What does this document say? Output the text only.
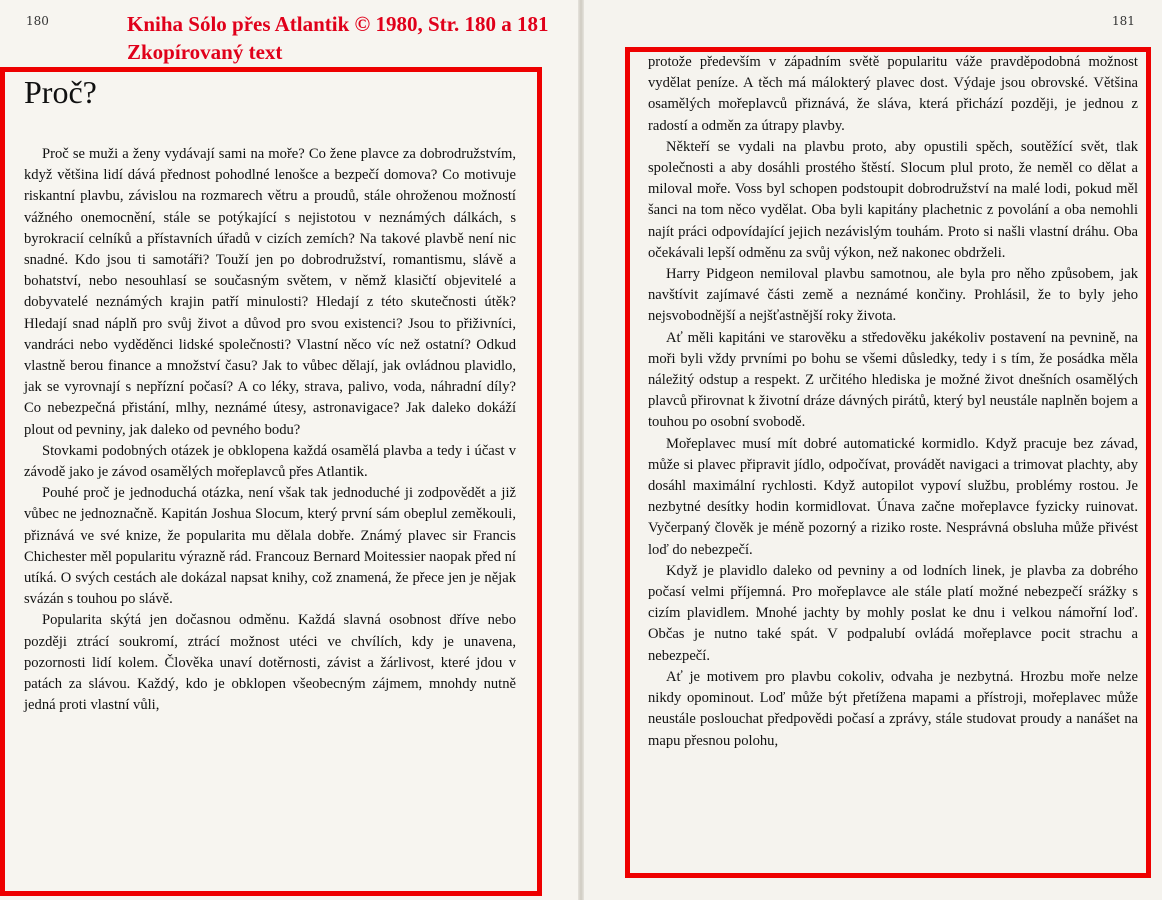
180	181
Kniha Sólo přes Atlantik © 1980, Str. 180 a 181
Zkopírovaný text
Proč?

Proč se muži a ženy vydávají sami na moře? Co žene plavce za dobrodružstvím, když většina lidí dává přednost pohodlné lenošce a bezpečí domova? Co motivuje riskantní plavbu, závislou na rozmarech větru a proudů, stále ohroženou možností vážného onemocnění, stále se potýkající s nejistotou v neznámých dálkách, s byrokracií celníků a přístavních úřadů v cizích zemích? Na takové plavbě není nic snadné. Kdo jsou ti samotáři? Touží jen po dobrodružství, romantismu, slávě a bohatství, nebo nesouhlasí se současným světem, v němž klasičtí objevitelé a dobyvatelé neznámých krajin patří minulosti? Hledají z této skutečnosti útěk? Hledají snad náplň pro svůj život a důvod pro svou existenci? Jsou to přiživníci, vandráci nebo vyděděnci lidské společnosti? Vlastní něco víc než ostatní? Odkud vlastně berou finance a množství času? Jak to vůbec dělají, jak ovládnou plavidlo, jak se vyrovnají s nepřízní počasí? A co léky, strava, palivo, voda, náhradní díly? Co nebezpečná přistání, mlhy, neznámé útesy, astronavigace? Jak daleko dokáží plout od pevniny, jak daleko od pevného bodu?

Stovkami podobných otázek je obklopena každá osamělá plavba a tedy i účast v závodě jako je závod osamělých mořeplavců přes Atlantik.

Pouhé proč je jednoduchá otázka, není však tak jednoduché ji zodpovědět a již vůbec ne jednoznačně. Kapitán Joshua Slocum, který první sám obeplul zeměkouli, přiznává ve své knize, že popularita mu dělala dobře. Známý plavec sir Francis Chichester měl popularitu výrazně rád. Francouz Bernard Moitessier naopak před ní utíká. O svých cestách ale dokázal napsat knihy, což znamená, že přece jen je nějak svázán s touhou po slávě.

Popularita skýtá jen dočasnou odměnu. Každá slavná osobnost dříve nebo později ztrácí soukromí, ztrácí možnost utéci ve chvílích, kdy je unavena, pozornosti lidí kolem. Člověka unaví dotěrnosti, závist a žárlivost, které jdou v patách za slávou. Každý, kdo je obklopen všeobecným zájmem, mnohdy nutně jedná proti vlastní vůli,

protože především v západním světě popularitu váže pravděpodobná možnost vydělat peníze. A těch má málokterý plavec dost. Výdaje jsou obrovské. Většina osamělých mořeplavců přiznává, že sláva, která přichází později, je jednou z radostí a odměn za útrapy plavby.

Někteří se vydali na plavbu proto, aby opustili spěch, soutěžící svět, tlak společnosti a aby dosáhli prostého štěstí. Slocum plul proto, že neměl co dělat a miloval moře. Voss byl schopen podstoupit dobrodružství na malé lodi, pokud měl šanci na tom něco vydělat. Oba byli kapitány plachetnic z povolání a oba nemohli najít práci odpovídající jejich nezávislým touhám. Proto si našli vlastní dráhu. Oba očekávali lepší odměnu za svůj výkon, než nakonec obdrželi.

Harry Pidgeon nemiloval plavbu samotnou, ale byla pro něho způsobem, jak navštívit zajímavé části země a neznámé končiny. Prohlásil, že to byly jeho nejsvobodnější a nejšťastnější roky života.

Ať měli kapitáni ve starověku a středověku jakékoliv postavení na pevnině, na moři byli vždy prvními po bohu se všemi důsledky, tedy i s tím, že posádka měla náležitý odstup a respekt. Z určitého hlediska je možné život dnešních osamělých plavců přirovnat k životní dráze dávných pirátů, který byl neustále naplněn bojem a touhou po osobní svobodě.

Mořeplavec musí mít dobré automatické kormidlo. Když pracuje bez závad, může si plavec připravit jídlo, odpočívat, provádět navigaci a trimovat plachty, aby dosáhl maximální rychlosti. Když autopilot vypoví službu, problémy rostou. Je nezbytné desítky hodin kormidlovat. Únava začne mořeplavce fyzicky ruinovat. Vyčerpaný člověk je méně pozorný a riziko roste. Nesprávná obsluha může přivést loď do nebezpečí.

Když je plavidlo daleko od pevniny a od lodních linek, je plavba za dobrého počasí velmi příjemná. Pro mořeplavce ale stále platí možné nebezpečí srážky s cizím plavidlem. Mnohé jachty by mohly poslat ke dnu i velkou námořní loď. Občas je nutno také spát. V podpalubí ovládá mořeplavce pocit strachu a nebezpečí.

Ať je motivem pro plavbu cokoliv, odvaha je nezbytná. Hrozbu moře nelze nikdy opominout. Loď může být přetížena mapami a přístroji, mořeplavec může neustále poslouchat předpovědi počasí a zprávy, stále studovat proudy a nanášet na mapu přesnou polohu,
